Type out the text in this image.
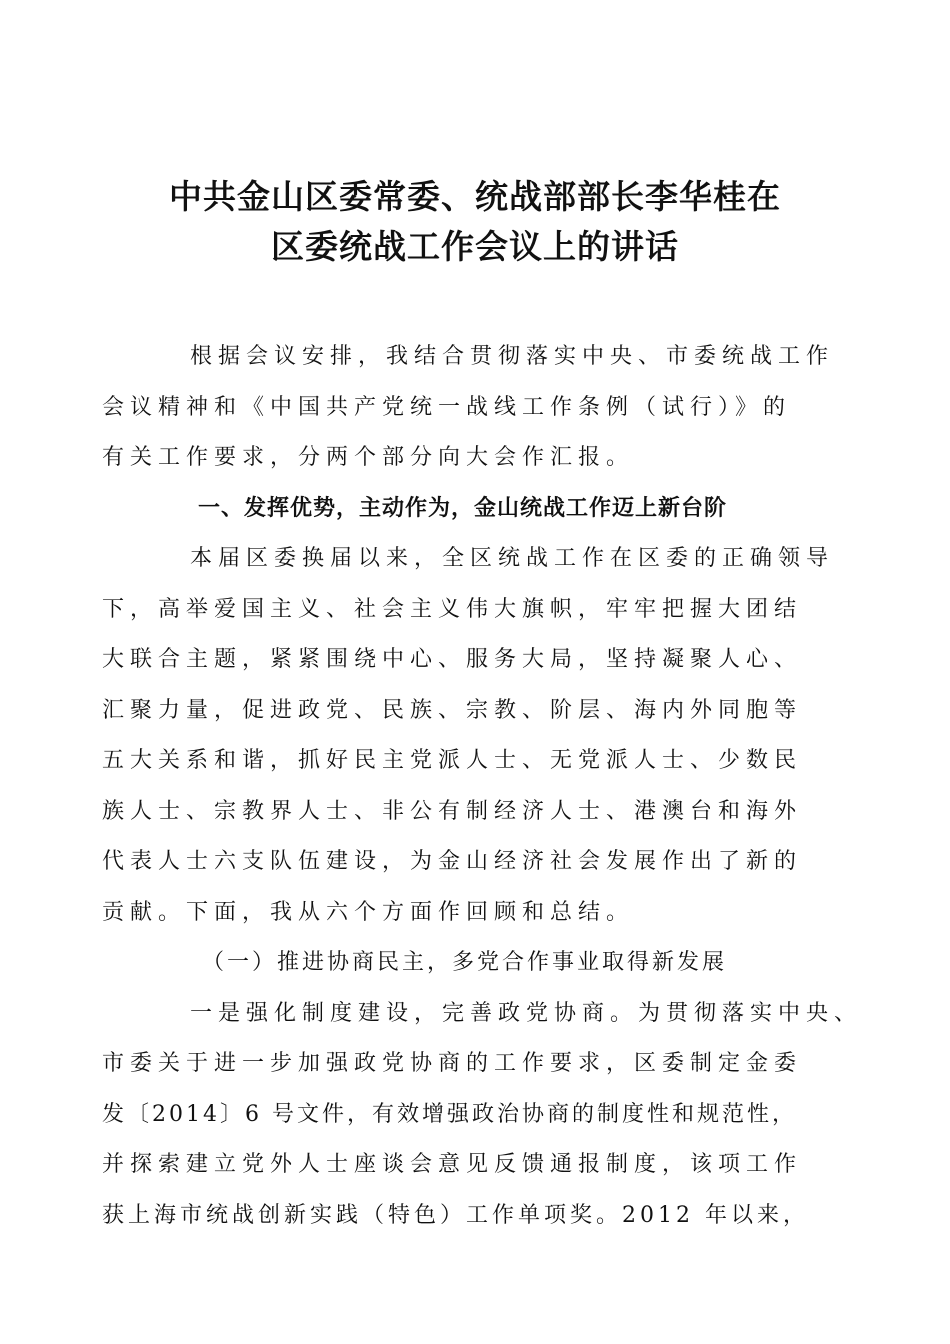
中共金山区委常委、统战部部长李华桂在
区委统战工作会议上的讲话
根据会议安排，我结合贯彻落实中央、市委统战工作
会议精神和《中国共产党统一战线工作条例（试行）》的
有关工作要求，分两个部分向大会作汇报。
一、发挥优势，主动作为，金山统战工作迈上新台阶
本届区委换届以来，全区统战工作在区委的正确领导
下，高举爱国主义、社会主义伟大旗帜，牢牢把握大团结
大联合主题，紧紧围绕中心、服务大局，坚持凝聚人心、
汇聚力量，促进政党、民族、宗教、阶层、海内外同胞等
五大关系和谐，抓好民主党派人士、无党派人士、少数民
族人士、宗教界人士、非公有制经济人士、港澳台和海外
代表人士六支队伍建设，为金山经济社会发展作出了新的
贡献。下面，我从六个方面作回顾和总结。
（一）推进协商民主，多党合作事业取得新发展
一是强化制度建设，完善政党协商。为贯彻落实中央、
市委关于进一步加强政党协商的工作要求，区委制定金委
发〔2014〕6 号文件，有效增强政治协商的制度性和规范性，
并探索建立党外人士座谈会意见反馈通报制度，该项工作
获上海市统战创新实践（特色）工作单项奖。2012 年以来，
